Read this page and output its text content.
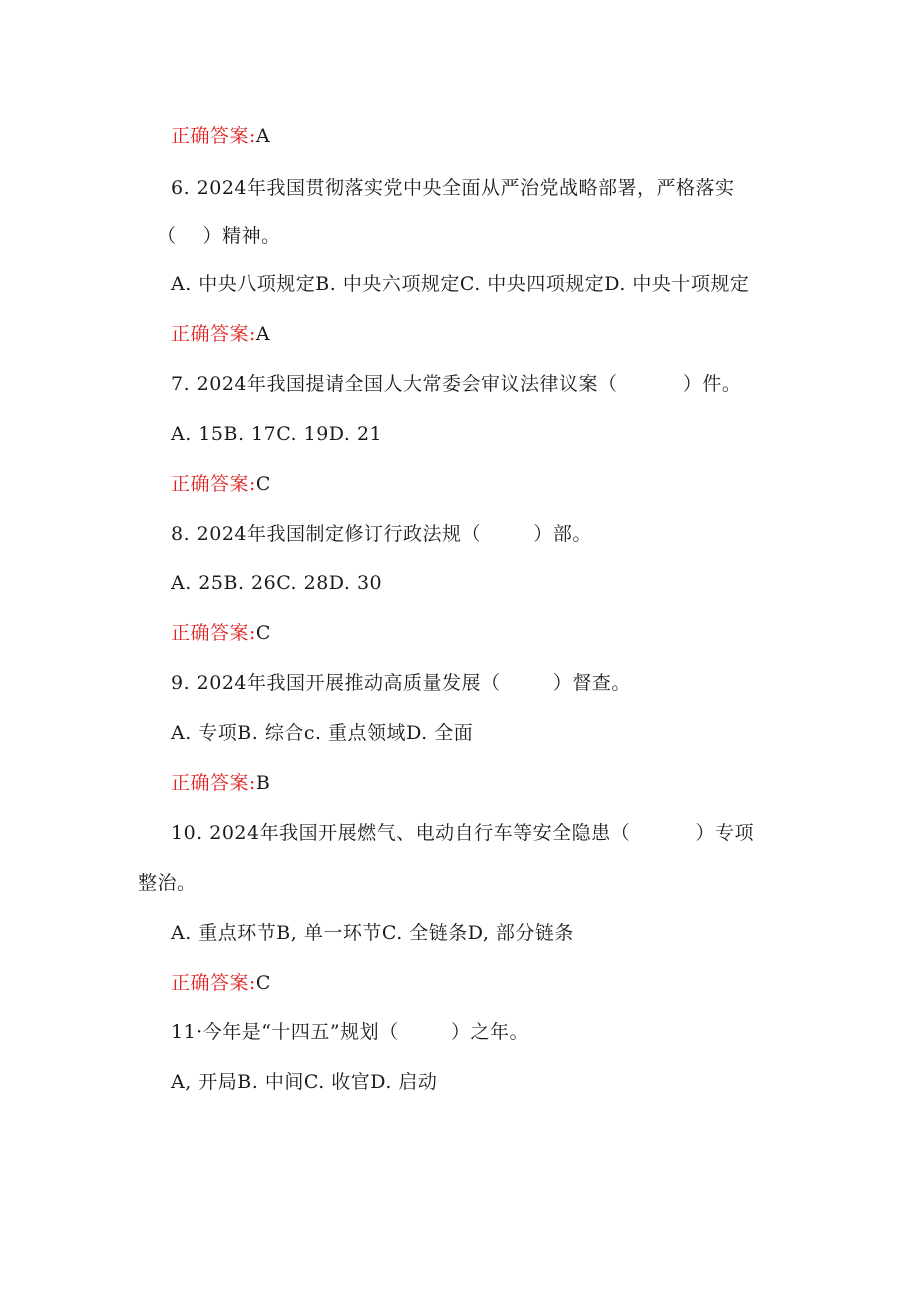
正确答案:A
6. 2024年我国贯彻落实党中央全面从严治党战略部署，严格落实
（    ）精神。
A. 中央八项规定B. 中央六项规定C. 中央四项规定D. 中央十项规定
正确答案:A
7. 2024年我国提请全国人大常委会审议法律议案（          ）件。
A. 15B. 17C. 19D. 21
正确答案:C
8. 2024年我国制定修订行政法规（        ）部。
A. 25B. 26C. 28D. 30
正确答案:C
9. 2024年我国开展推动高质量发展（        ）督查。
A. 专项B. 综合c. 重点领域D. 全面
正确答案:B
10. 2024年我国开展燃气、电动自行车等安全隐患（          ）专项
整治。
A. 重点环节B, 单一环节C. 全链条D, 部分链条
正确答案:C
11·今年是“十四五”规划（        ）之年。
A, 开局B. 中间C. 收官D. 启动
